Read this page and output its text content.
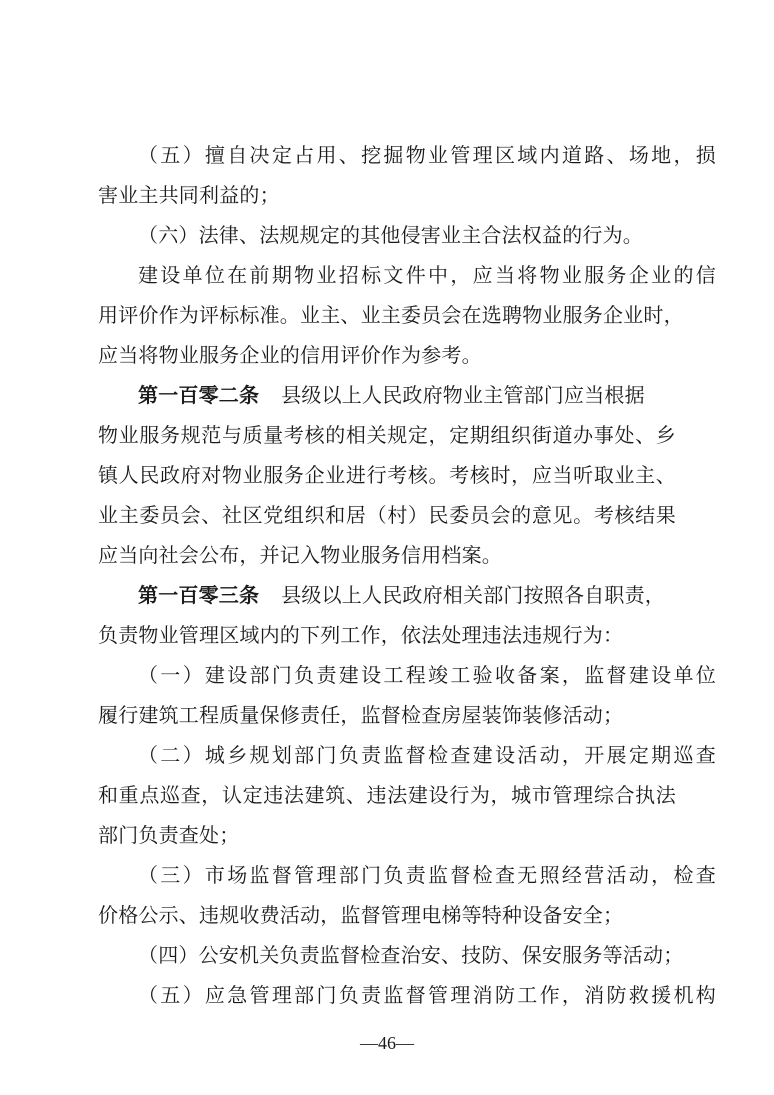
（五）擅自决定占用、挖掘物业管理区域内道路、场地，损
害业主共同利益的；
（六）法律、法规规定的其他侵害业主合法权益的行为。
建设单位在前期物业招标文件中，应当将物业服务企业的信
用评价作为评标标准。业主、业主委员会在选聘物业服务企业时，
应当将物业服务企业的信用评价作为参考。
第一百零二条 县级以上人民政府物业主管部门应当根据
物业服务规范与质量考核的相关规定，定期组织街道办事处、乡
镇人民政府对物业服务企业进行考核。考核时，应当听取业主、
业主委员会、社区党组织和居（村）民委员会的意见。考核结果
应当向社会公布，并记入物业服务信用档案。
第一百零三条 县级以上人民政府相关部门按照各自职责，
负责物业管理区域内的下列工作，依法处理违法违规行为：
（一）建设部门负责建设工程竣工验收备案，监督建设单位
履行建筑工程质量保修责任，监督检查房屋装饰装修活动；
（二）城乡规划部门负责监督检查建设活动，开展定期巡查
和重点巡查，认定违法建筑、违法建设行为，城市管理综合执法
部门负责查处；
（三）市场监督管理部门负责监督检查无照经营活动，检查
价格公示、违规收费活动，监督管理电梯等特种设备安全；
（四）公安机关负责监督检查治安、技防、保安服务等活动；
（五）应急管理部门负责监督管理消防工作，消防救援机构
—46—
